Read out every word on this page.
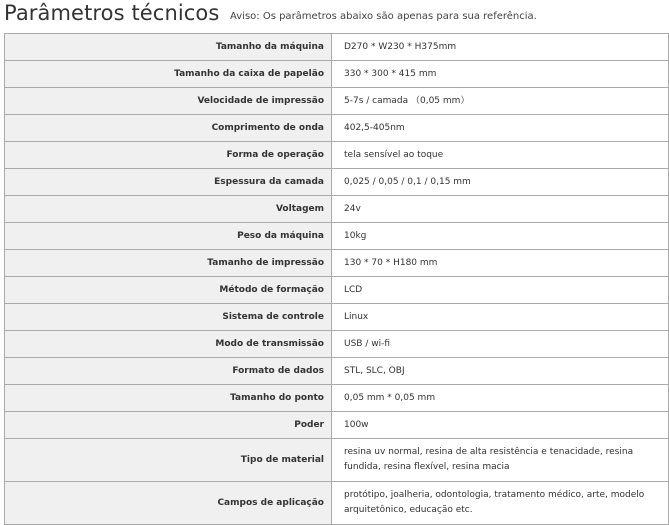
Parâmetros técnicos Aviso: Os parâmetros abaixo são apenas para sua referência.
Tamanho da máquina	D270 * W230 * H375mm
Tamanho da caixa de papelão	330 * 300 * 415 mm
Velocidade de impressão	5-7s / camada （0,05 mm）
Comprimento de onda	402,5-405nm
Forma de operação	tela sensível ao toque
Espessura da camada	0,025 / 0,05 / 0,1 / 0,15 mm
Voltagem	24v
Peso da máquina	10kg
Tamanho de impressão	130 * 70 * H180 mm
Método de formação	LCD
Sistema de controle	Linux
Modo de transmissão	USB / wi-fi
Formato de dados	STL, SLC, OBJ
Tamanho do ponto	0,05 mm * 0,05 mm
Poder	100w
Tipo de material	resina uv normal, resina de alta resistência e tenacidade, resina fundida, resina flexível, resina macia
Campos de aplicação	protótipo, joalheria, odontologia, tratamento médico, arte, modelo arquitetônico, educação etc.
